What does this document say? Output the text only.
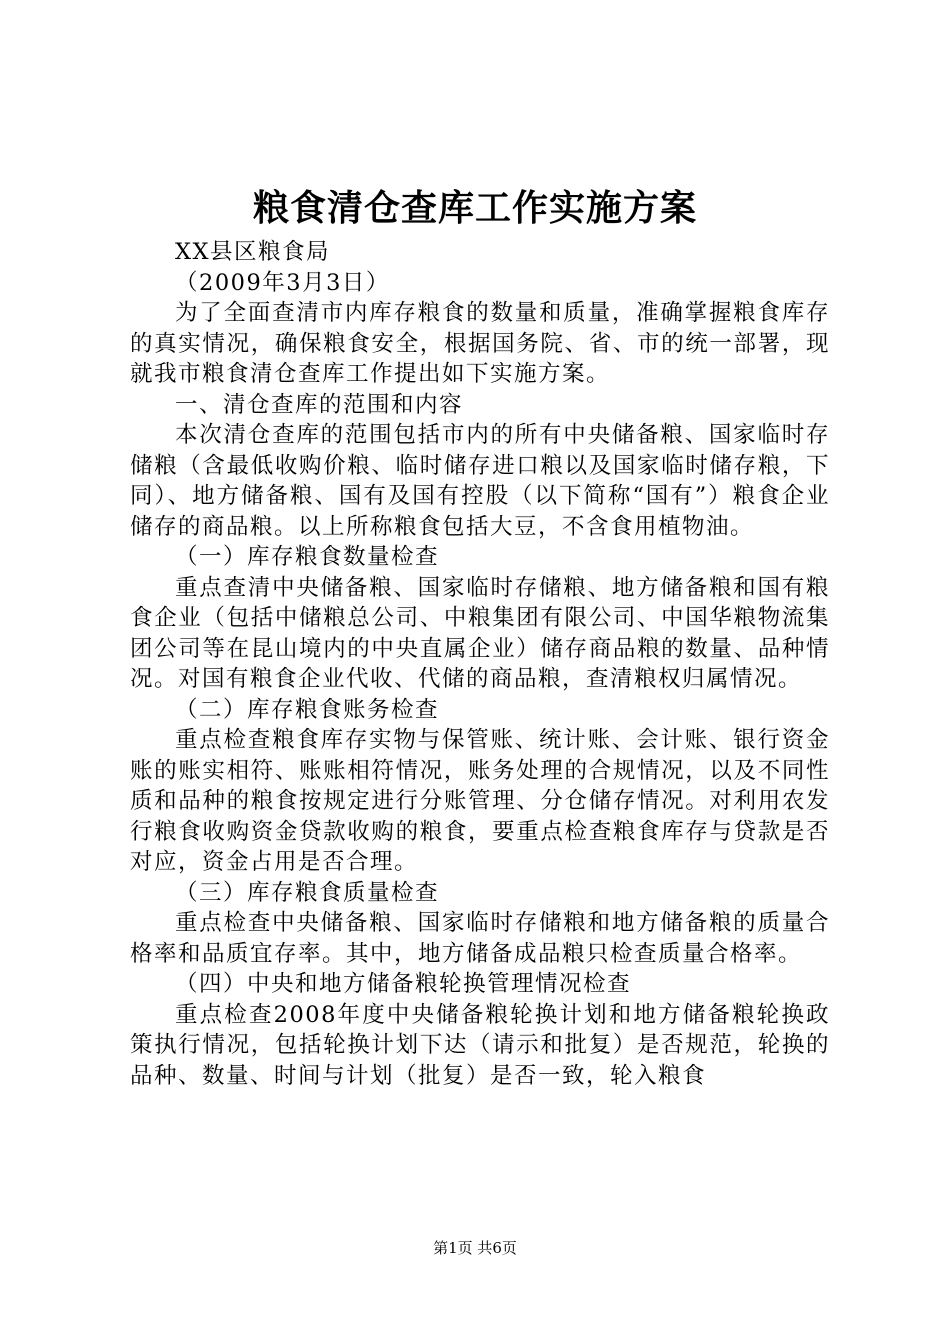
粮食清仓查库工作实施方案

XX县区粮食局

（2009年3月3日）

为了全面查清市内库存粮食的数量和质量，准确掌握粮食库存的真实情况，确保粮食安全，根据国务院、省、市的统一部署，现就我市粮食清仓查库工作提出如下实施方案。

一、清仓查库的范围和内容

本次清仓查库的范围包括市内的所有中央储备粮、国家临时存储粮（含最低收购价粮、临时储存进口粮以及国家临时储存粮，下同）、地方储备粮、国有及国有控股（以下简称“国有”）粮食企业储存的商品粮。以上所称粮食包括大豆，不含食用植物油。

（一）库存粮食数量检查

重点查清中央储备粮、国家临时存储粮、地方储备粮和国有粮食企业（包括中储粮总公司、中粮集团有限公司、中国华粮物流集团公司等在昆山境内的中央直属企业）储存商品粮的数量、品种情况。对国有粮食企业代收、代储的商品粮，查清粮权归属情况。

（二）库存粮食账务检查

重点检查粮食库存实物与保管账、统计账、会计账、银行资金账的账实相符、账账相符情况，账务处理的合规情况，以及不同性质和品种的粮食按规定进行分账管理、分仓储存情况。对利用农发行粮食收购资金贷款收购的粮食，要重点检查粮食库存与贷款是否对应，资金占用是否合理。

（三）库存粮食质量检查

重点检查中央储备粮、国家临时存储粮和地方储备粮的质量合格率和品质宜存率。其中，地方储备成品粮只检查质量合格率。

（四）中央和地方储备粮轮换管理情况检查

重点检查2008年度中央储备粮轮换计划和地方储备粮轮换政策执行情况，包括轮换计划下达（请示和批复）是否规范，轮换的品种、数量、时间与计划（批复）是否一致，轮入粮食

第1页 共6页
